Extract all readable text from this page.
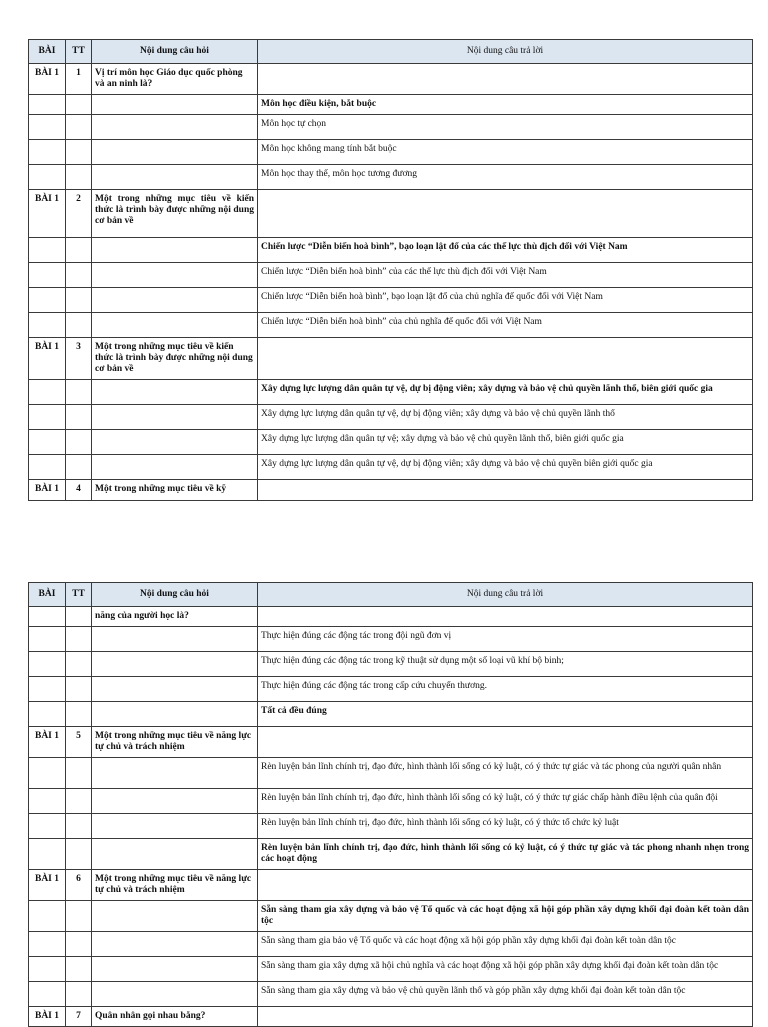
BÀI	TT	Nội dung câu hỏi	Nội dung câu trả lời
BÀI 1	1	Vị trí môn học Giáo dục quốc phòng và an ninh là?	
			Môn học điều kiện, bắt buộc
			Môn học tự chọn
			Môn học không mang tính bắt buộc
			Môn học thay thế, môn học tương đương
BÀI 1	2	Một trong những mục tiêu về kiến thức là trình bày được những nội dung cơ bản về	
			Chiến lược “Diễn biến hoà bình”, bạo loạn lật đổ của các thế lực thù địch đối với Việt Nam
			Chiến lược “Diễn biến hoà bình” của các thế lực thù địch đối với Việt Nam
			Chiến lược “Diễn biến hoà bình”, bạo loạn lật đổ của chủ nghĩa đế quốc đối với Việt Nam
			Chiến lược “Diễn biến hoà bình” của chủ nghĩa đế quốc đối với Việt Nam
BÀI 1	3	Một trong những mục tiêu về kiến thức là trình bày được những nội dung cơ bản về	
			Xây dựng lực lượng dân quân tự vệ, dự bị động viên; xây dựng và bảo vệ chủ quyền lãnh thổ, biên giới quốc gia
			Xây dựng lực lượng dân quân tự vệ, dự bị động viên; xây dựng và bảo vệ chủ quyền lãnh thổ
			Xây dựng lực lượng dân quân tự vệ; xây dựng và bảo vệ chủ quyền lãnh thổ, biên giới quốc gia
			Xây dựng lực lượng dân quân tự vệ, dự bị động viên; xây dựng và bảo vệ chủ quyền biên giới quốc gia
BÀI 1	4	Một trong những mục tiêu về kỹ	
BÀI	TT	Nội dung câu hỏi	Nội dung câu trả lời
		năng của người học là?	
			Thực hiện đúng các động tác trong đội ngũ đơn vị
			Thực hiện đúng các động tác trong kỹ thuật sử dụng một số loại vũ khí bộ binh;
			Thực hiện đúng các động tác trong cấp cứu chuyển thương.
			Tất cả đều đúng
BÀI 1	5	Một trong những mục tiêu về năng lực tự chủ và trách nhiệm	
			Rèn luyện bản lĩnh chính trị, đạo đức, hình thành lối sống có kỷ luật, có ý thức tự giác và tác phong của người quân nhân
			Rèn luyện bản lĩnh chính trị, đạo đức, hình thành lối sống có kỷ luật, có ý thức tự giác chấp hành điều lệnh của quân đội
			Rèn luyện bản lĩnh chính trị, đạo đức, hình thành lối sống có kỷ luật, có ý thức tổ chức kỷ luật
			Rèn luyện bản lĩnh chính trị, đạo đức, hình thành lối sống có kỷ luật, có ý thức tự giác và tác phong nhanh nhẹn trong các hoạt động
BÀI 1	6	Một trong những mục tiêu về năng lực tự chủ và trách nhiệm	
			Sẵn sàng tham gia xây dựng và bảo vệ Tổ quốc và các hoạt động xã hội góp phần xây dựng khối đại đoàn kết toàn dân tộc
			Sẵn sàng tham gia bảo vệ Tổ quốc và các hoạt động xã hội góp phần xây dựng khối đại đoàn kết toàn dân tộc
			Sẵn sàng tham gia xây dựng xã hội chủ nghĩa và các hoạt động xã hội góp phần xây dựng khối đại đoàn kết toàn dân tộc
			Sẵn sàng tham gia xây dựng và bảo vệ chủ quyền lãnh thổ và góp phần xây dựng khối đại đoàn kết toàn dân tộc
BÀI 1	7	Quân nhân gọi nhau bằng?	
